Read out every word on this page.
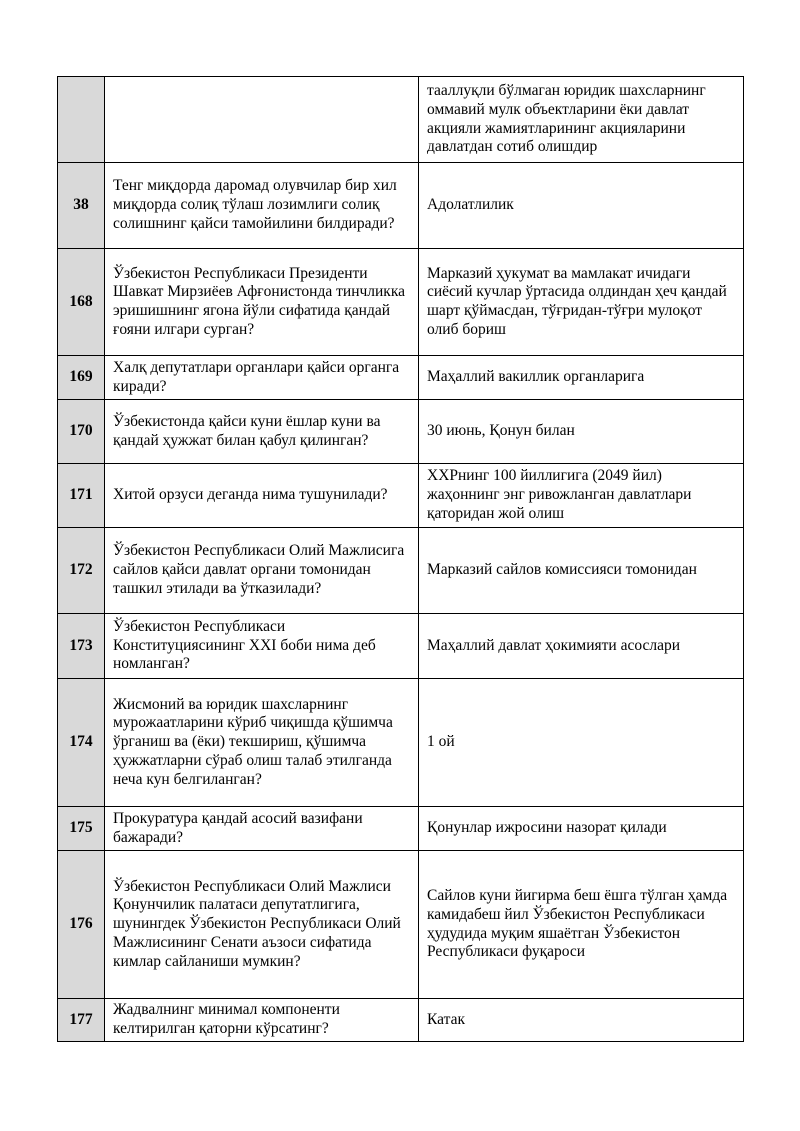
		тааллуқли бўлмаган юридик шахсларнинг оммавий мулк объектларини ёки давлат акцияли жамиятларининг акцияларини давлатдан сотиб олишдир
38	Тенг миқдорда даромад олувчилар бир хил миқдорда солиқ тўлаш лозимлиги солиқ солишнинг қайси тамойилини билдиради?	Адолатлилик
168	Ўзбекистон Республикаси Президенти Шавкат Мирзиёев Афғонистонда тинчликка эришишнинг ягона йўли сифатида қандай ғояни илгари сурган?	Марказий ҳукумат ва мамлакат ичидаги сиёсий кучлар ўртасида олдиндан ҳеч қандай шарт қўймасдан, тўғридан-тўғри мулоқот олиб бориш
169	Халқ депутатлари органлари қайси органга киради?	Маҳаллий вакиллик органларига
170	Ўзбекистонда қайси куни ёшлар куни ва қандай ҳужжат билан қабул қилинган?	30 июнь, Қонун билан
171	Хитой орзуси деганда нима тушунилади?	ХХРнинг 100 йиллигига (2049 йил) жаҳоннинг энг ривожланган давлатлари қаторидан жой олиш
172	Ўзбекистон Республикаси Олий Мажлисига сайлов қайси давлат органи томонидан ташкил этилади ва ўтказилади?	Марказий сайлов комиссияси томонидан
173	Ўзбекистон Республикаси Конституциясининг XXI боби нима деб номланган?	Маҳаллий давлат ҳокимияти асослари
174	Жисмоний ва юридик шахсларнинг мурожаатларини кўриб чиқишда қўшимча ўрганиш ва (ёки) текшириш, қўшимча ҳужжатларни сўраб олиш талаб этилганда неча кун белгиланган?	1 ой
175	Прокуратура қандай асосий вазифани бажаради?	Қонунлар ижросини назорат қилади
176	Ўзбекистон Республикаси Олий Мажлиси Қонунчилик палатаси депутатлигига, шунингдек Ўзбекистон Республикаси Олий Мажлисининг Сенати аъзоси сифатида кимлар сайланиши мумкин?	Сайлов куни йигирма беш ёшга тўлган ҳамда камидабеш йил Ўзбекистон Республикаси ҳудудида муқим яшаётган Ўзбекистон Республикаси фуқароси
177	Жадвалнинг минимал компоненти келтирилган қаторни кўрсатинг?	Катак
